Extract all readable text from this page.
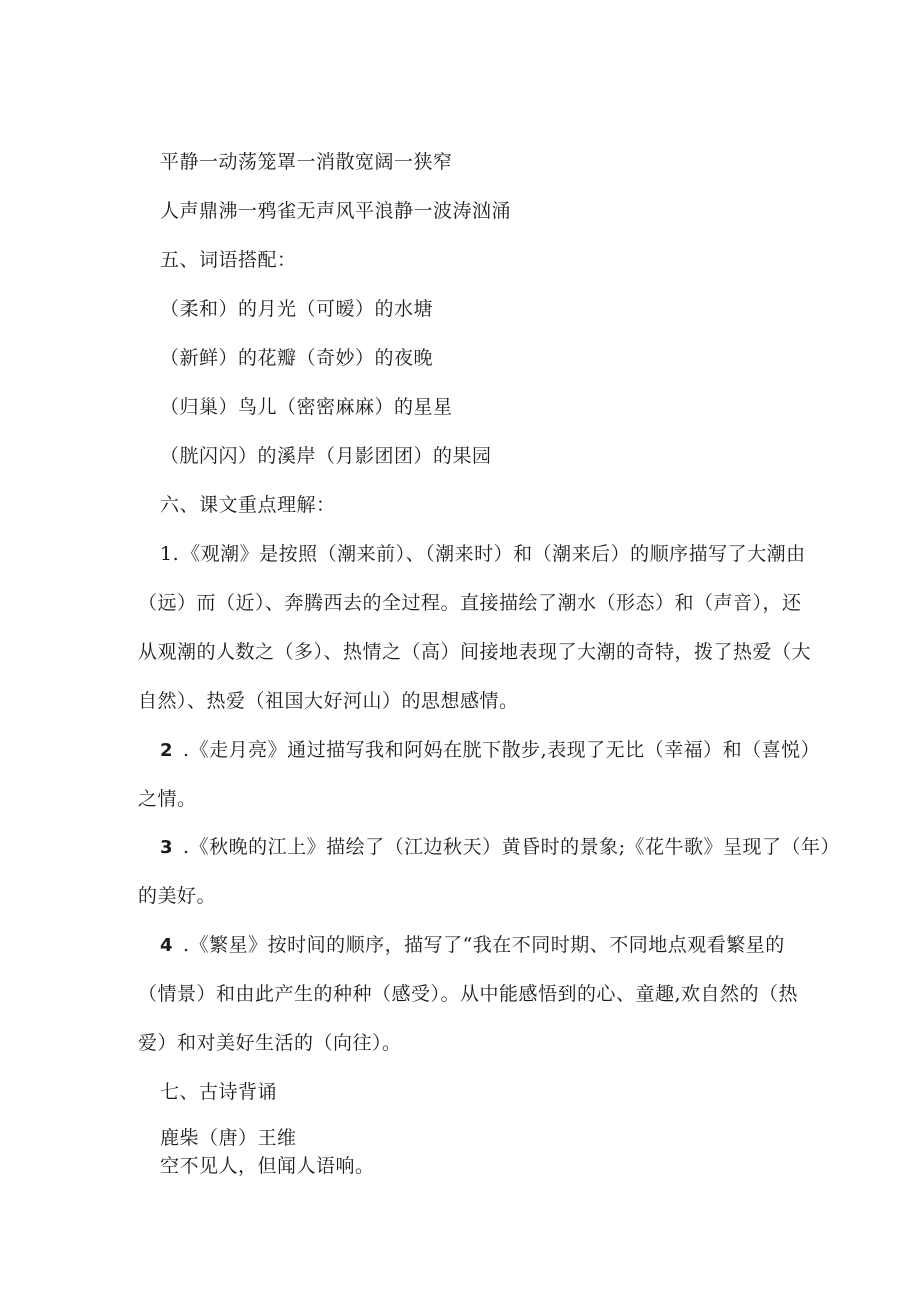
平静一动荡笼罩一消散宽阔一狭窄
人声鼎沸一鸦雀无声风平浪静一波涛汹涌
五、词语搭配：
（柔和）的月光（可暧）的水塘
（新鲜）的花瓣（奇妙）的夜晚
（归巢）鸟儿（密密麻麻）的星星
（胱闪闪）的溪岸（月影团团）的果园
六、课文重点理解：
1. 《观潮》是按照（潮来前）、（潮来时）和（潮来后）的顺序描写了大潮由
（远）而（近）、奔腾西去的全过程。直接描绘了潮水（形态）和（声音），还
从观潮的人数之（多）、热情之（高）间接地表现了大潮的奇特，拨了热爱（大
自然）、热爱（祖国大好河山）的思想感情。
2 .《走月亮》通过描写我和阿妈在胱下散步,表现了无比（幸福）和（喜悦）
之情。
3 .《秋晚的江上》描绘了（江边秋天）黄昏时的景象;《花牛歌》呈现了（年）
的美好。
4 .《繁星》按时间的顺序，描写了“我在不同时期、不同地点观看繁星的
（情景）和由此产生的种种（感受）。从中能感悟到的心、童趣,欢自然的（热
爱）和对美好生活的（向往）。
七、古诗背诵
鹿柴（唐）王维
空不见人，但闻人语响。
